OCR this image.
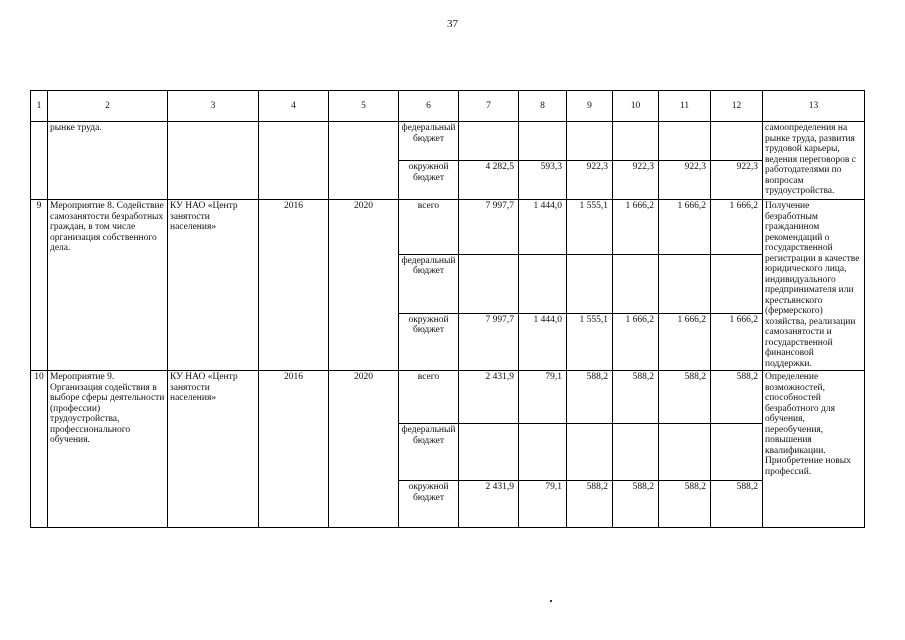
37
1	2	3	4	5	6	7	8	9	10	11	12	13
	рынке труда.				федеральный бюджет							самоопределения на рынке труда, развития трудовой карьеры, ведения переговоров с работодателями по вопросам трудоустройства.
					окружной бюджет	4 282,5	593,3	922,3	922,3	922,3	922,3	
9	Мероприятие 8. Содействие самозанятости безработных граждан, в том числе организация собственного дела.	КУ НАО «Центр занятости населения»	2016	2020	всего	7 997,7	1 444,0	1 555,1	1 666,2	1 666,2	1 666,2	Получение безработным гражданином рекомендаций о государственной регистрации в качестве юридического лица, индивидуального предпринимателя или крестьянского (фермерского) хозяйства, реализации самозанятости и государственной финансовой поддержки.
					федеральный бюджет							
					окружной бюджет	7 997,7	1 444,0	1 555,1	1 666,2	1 666,2	1 666,2	
10	Мероприятие 9. Организация содействия в выборе сферы деятельности (профессии) трудоустройства, профессионального обучения.	КУ НАО «Центр занятости населения»	2016	2020	всего	2 431,9	79,1	588,2	588,2	588,2	588,2	Определение возможностей, способностей безработного для обучения, переобучения, повышения квалификации. Приобретение новых профессий.
					федеральный бюджет							
					окружной бюджет	2 431,9	79,1	588,2	588,2	588,2	588,2	
